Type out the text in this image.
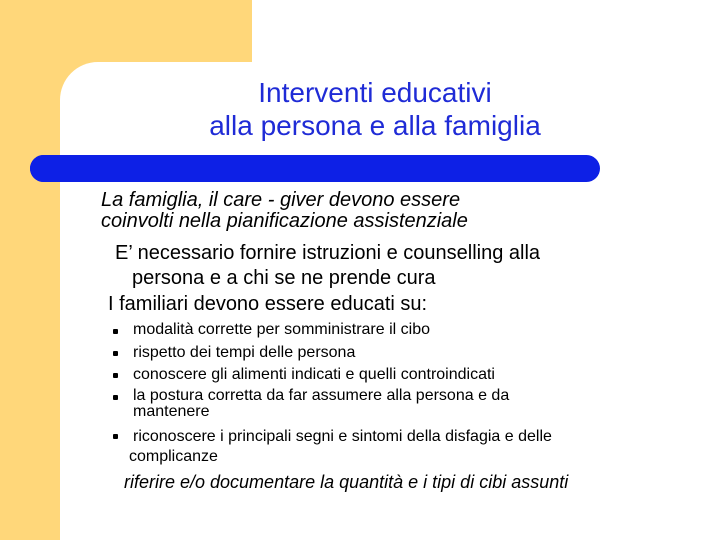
Interventi educativi
alla persona e alla famiglia
La famiglia, il care - giver devono essere
coinvolti nella pianificazione assistenziale
E’ necessario fornire istruzioni e counselling alla
persona e a chi se ne prende cura
I familiari devono essere educati su:
modalità corrette per somministrare il cibo
rispetto dei tempi delle persona
conoscere gli alimenti indicati e quelli controindicati
la postura corretta da far assumere alla persona e da
mantenere
riconoscere i principali segni e sintomi della disfagia e delle
complicanze
riferire e/o documentare la quantità e i tipi di cibi assunti
